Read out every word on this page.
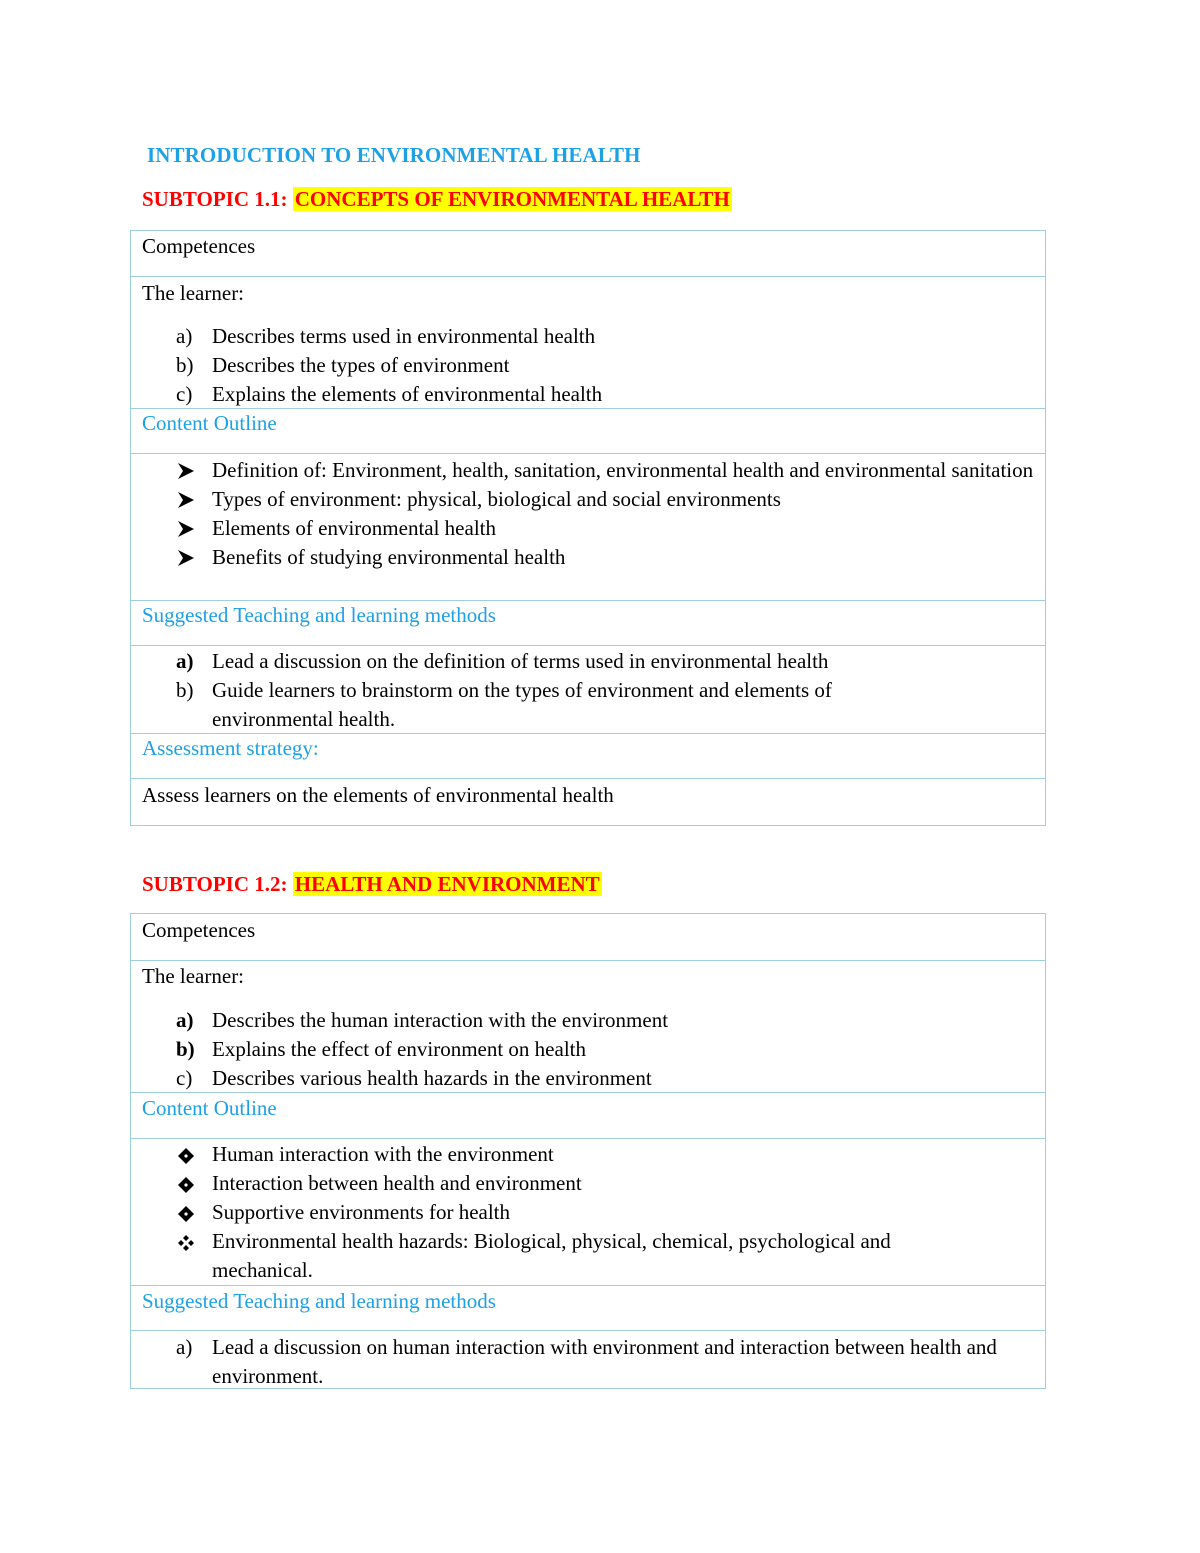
INTRODUCTION TO ENVIRONMENTAL HEALTH
SUBTOPIC 1.1: CONCEPTS OF ENVIRONMENTAL HEALTH
Competences
The learner:
a) Describes terms used in environmental health
b) Describes the types of environment
c) Explains the elements of environmental health
Content Outline
Definition of: Environment, health, sanitation, environmental health and environmental sanitation
Types of environment: physical, biological and social environments
Elements of environmental health
Benefits of studying environmental health
Suggested Teaching and learning methods
a) Lead a discussion on the definition of terms used in environmental health
b) Guide learners to brainstorm on the types of environment and elements of environmental health.
Assessment strategy:
Assess learners on the elements of environmental health
SUBTOPIC 1.2: HEALTH AND ENVIRONMENT
Competences
The learner:
a) Describes the human interaction with the environment
b) Explains the effect of environment on health
c) Describes various health hazards in the environment
Content Outline
Human interaction with the environment
Interaction between health and environment
Supportive environments for health
Environmental health hazards: Biological, physical, chemical, psychological and mechanical.
Suggested Teaching and learning methods
a) Lead a discussion on human interaction with environment and interaction between health and environment.
